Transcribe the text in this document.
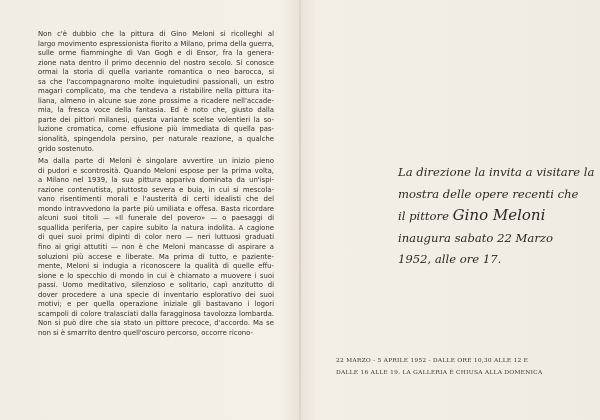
Non c'è dubbio che la pittura di Gino Meloni si ricolleghi al
largo movimento espressionista fiorito a Milano, prima della guerra,
sulle orme fiamminghe di Van Gogh e di Ensor, fra la genera-
zione nata dentro il primo decennio del nostro secolo. Si conosce
ormai la storia di quella variante romantica o neo barocca, si
sa che l'accompagnarono molte inquietudini passionali, un estro
magari complicato, ma che tendeva a ristabilire nella pittura ita-
liana, almeno in alcune sue zone prossime a ricadere nell'accade-
mia, la fresca voce della fantasia. Ed è noto che, giusto dalla
parte dei pittori milanesi, questa variante scelse volentieri la so-
luzione cromatica, come effusione più immediata di quella pas-
sionalità, spingendola persino, per naturale reazione, a qualche
grido sostenuto.
Ma dalla parte di Meloni è singolare avvertire un inizio pieno
di pudori e scontrosità. Quando Meloni espose per la prima volta,
a Milano nel 1939, la sua pittura appariva dominata da un'ispi-
razione contenutista, piuttosto severa e buia, in cui si mescola-
vano risentimenti morali e l'austerità di certi idealisti che del
mondo intravvedono la parte più umiliata e offesa. Basta ricordare
alcuni suoi titoli — «Il funerale del povero» — o paesaggi di
squallida periferia, per capire subito la natura indolita. A cagione
di quei suoi primi dipinti di color nero — neri luttuosi graduati
fino ai grigi attutiti — non è che Meloni mancasse di aspirare a
soluzioni più accese e liberate. Ma prima di tutto, e paziente-
mente, Meloni si indugia a riconoscere la qualità di quelle effu-
sione e lo specchio di mondo in cui è chiamato a muovere i suoi
passi. Uomo meditativo, silenzioso e solitario, capì anzitutto di
dover procedere a una specie di inventario esplorativo dei suoi
motivi; e per quella operazione iniziale gli bastavano i logori
scampoli di colore tralasciati dalla faragginosa tavolozza lombarda.
Non si può dire che sia stato un pittore precoce, d'accordo. Ma se
non si è smarrito dentro quell'oscuro percorso, occorre ricono-
La direzione la invita a visitare la
mostra delle opere recenti che
il pittore Gino Meloni
inaugura sabato 22 Marzo
1952, alle ore 17.
22 MARZO - 5 APRILE 1952 - DALLE ORE 10,30 ALLE 12 E
DALLE 16 ALLE 19. LA GALLERIA È CHIUSA ALLA DOMENICA
